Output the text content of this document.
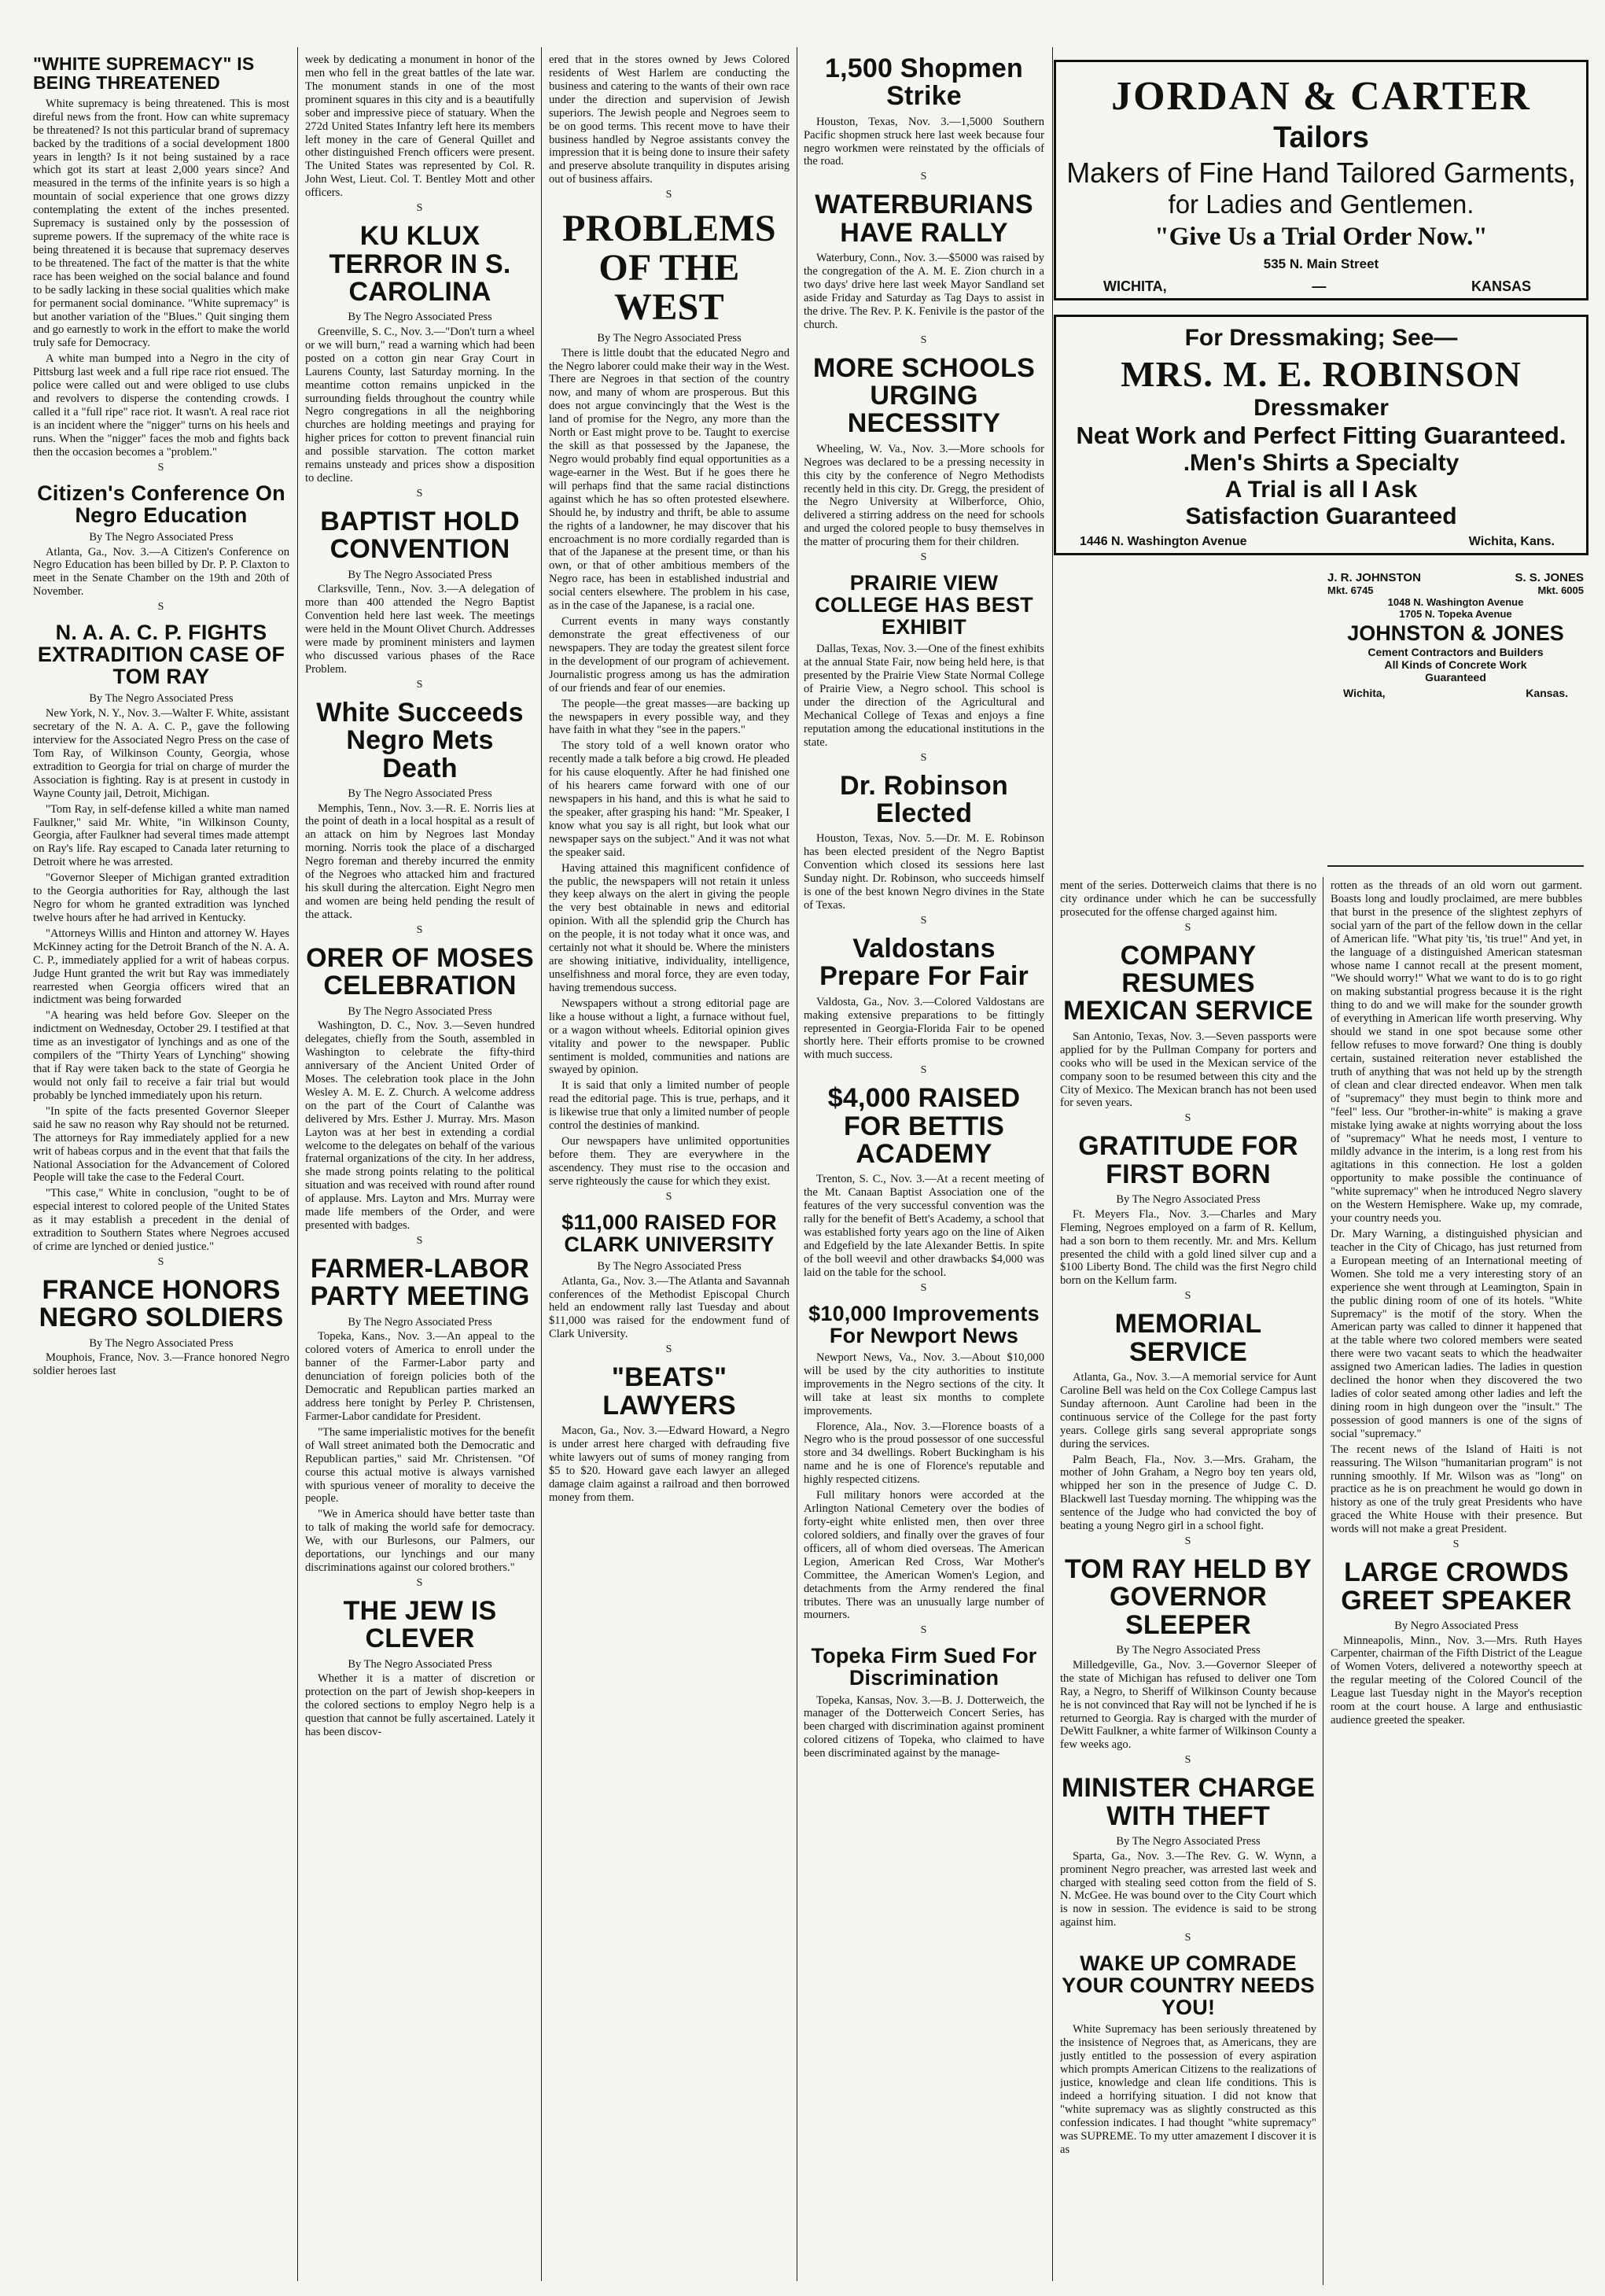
"WHITE SUPREMACY" IS BEING THREATENED

White supremacy is being threatened. This is most direful news from the front. How can white supremacy be threatened? Is not this particular brand of supremacy backed by the traditions of a social development 1800 years in length? Is it not being sustained by a race which got its start at least 2,000 years since? And measured in the terms of the infinite years is so high a mountain of social experience that one grows dizzy contemplating the extent of the inches presented. Supremacy is sustained only by the possession of supreme powers. If the supremacy of the white race is being threatened it is because that supremacy deserves to be threatened. The fact of the matter is that the white race has been weighed on the social balance and found to be sadly lacking in these social qualities which make for permanent social dominance. "White supremacy" is but another variation of the "Blues." Quit singing them and go earnestly to work in the effort to make the world truly safe for Democracy.

A white man bumped into a Negro in the city of Pittsburg last week and a full ripe race riot ensued. The police were called out and were obliged to use clubs and revolvers to disperse the contending crowds. I called it a "full ripe" race riot. It wasn't. A real race riot is an incident where the "nigger" turns on his heels and runs. When the "nigger" faces the mob and fights back then the occasion becomes a "problem."

S
Citizen's Conference On Negro Education
By The Negro Associated Press

Atlanta, Ga., Nov. 3.—A Citizen's Conference on Negro Education has been billed by Dr. P. P. Claxton to meet in the Senate Chamber on the 19th and 20th of November.

S
N. A. A. C. P. FIGHTS EXTRADITION CASE OF TOM RAY
By The Negro Associated Press

New York, N. Y., Nov. 3.—Walter F. White, assistant secretary of the N. A. A. C. P., gave the following interview for the Associated Negro Press on the case of Tom Ray, of Wilkinson County, Georgia, whose extradition to Georgia for trial on charge of murder the Association is fighting. Ray is at present in custody in Wayne County jail, Detroit, Michigan.

"Tom Ray, in self-defense killed a white man named Faulkner," said Mr. White, "in Wilkinson County, Georgia, after Faulkner had several times made attempt on Ray's life. Ray escaped to Canada later returning to Detroit where he was arrested.

"Governor Sleeper of Michigan granted extradition to the Georgia authorities for Ray, although the last Negro for whom he granted extradition was lynched twelve hours after he had arrived in Kentucky.

"Attorneys Willis and Hinton and attorney W. Hayes McKinney acting for the Detroit Branch of the N. A. A. C. P., immediately applied for a writ of habeas corpus. Judge Hunt granted the writ but Ray was immediately rearrested when Georgia officers wired that an indictment was being forwarded

"A hearing was held before Gov. Sleeper on the indictment on Wednesday, October 29. I testified at that time as an investigator of lynchings and as one of the compilers of the "Thirty Years of Lynching" showing that if Ray were taken back to the state of Georgia he would not only fail to receive a fair trial but would probably be lynched immediately upon his return.

"In spite of the facts presented Governor Sleeper said he saw no reason why Ray should not be returned. The attorneys for Ray immediately applied for a new writ of habeas corpus and in the event that that fails the National Association for the Advancement of Colored People will take the case to the Federal Court.

"This case," White in conclusion, "ought to be of especial interest to colored people of the United States as it may establish a precedent in the denial of extradition to Southern States where Negroes accused of crime are lynched or denied justice."

S
FRANCE HONORS NEGRO SOLDIERS
By The Negro Associated Press

Mouphois, France, Nov. 3.—France honored Negro soldier heroes last

week by dedicating a monument in honor of the men who fell in the great battles of the late war. The monument stands in one of the most prominent squares in this city and is a beautifully sober and impressive piece of statuary. When the 272d United States Infantry left here its members left money in the care of General Quillet and other distinguished French officers were present. The United States was represented by Col. R. John West, Lieut. Col. T. Bentley Mott and other officers.

S
KU KLUX TERROR IN S. CAROLINA
By The Negro Associated Press

Greenville, S. C., Nov. 3.—"Don't turn a wheel or we will burn," read a warning which had been posted on a cotton gin near Gray Court in Laurens County, last Saturday morning. In the meantime cotton remains unpicked in the surrounding fields throughout the country while Negro congregations in all the neighboring churches are holding meetings and praying for higher prices for cotton to prevent financial ruin and possible starvation. The cotton market remains unsteady and prices show a disposition to decline.

S
BAPTIST HOLD CONVENTION
By The Negro Associated Press

Clarksville, Tenn., Nov. 3.—A delegation of more than 400 attended the Negro Baptist Convention held here last week. The meetings were held in the Mount Olivet Church. Addresses were made by prominent ministers and laymen who discussed various phases of the Race Problem.

S
White Succeeds Negro Mets Death
By The Negro Associated Press

Memphis, Tenn., Nov. 3.—R. E. Norris lies at the point of death in a local hospital as a result of an attack on him by Negroes last Monday morning. Norris took the place of a discharged Negro foreman and thereby incurred the enmity of the Negroes who attacked him and fractured his skull during the altercation. Eight Negro men and women are being held pending the result of the attack.

S
ORER OF MOSES CELEBRATION
By The Negro Associated Press

Washington, D. C., Nov. 3.—Seven hundred delegates, chiefly from the South, assembled in Washington to celebrate the fifty-third anniversary of the Ancient United Order of Moses. The celebration took place in the John Wesley A. M. E. Z. Church. A welcome address on the part of the Court of Calanthe was delivered by Mrs. Esther J. Murray. Mrs. Mason Layton was at her best in extending a cordial welcome to the delegates on behalf of the various fraternal organizations of the city. In her address, she made strong points relating to the political situation and was received with round after round of applause. Mrs. Layton and Mrs. Murray were made life members of the Order, and were presented with badges.

S
FARMER-LABOR PARTY MEETING
By The Negro Associated Press

Topeka, Kans., Nov. 3.—An appeal to the colored voters of America to enroll under the banner of the Farmer-Labor party and denunciation of foreign policies both of the Democratic and Republican parties marked an address here tonight by Perley P. Christensen, Farmer-Labor candidate for President.

"The same imperialistic motives for the benefit of Wall street animated both the Democratic and Republican parties," said Mr. Christensen. "Of course this actual motive is always varnished with spurious veneer of morality to deceive the people.

"We in America should have better taste than to talk of making the world safe for democracy. We, with our Burlesons, our Palmers, our deportations, our lynchings and our many discriminations against our colored brothers."

S
THE JEW IS CLEVER
By The Negro Associated Press

Whether it is a matter of discretion or protection on the part of Jewish shop-keepers in the colored sections to employ Negro help is a question that cannot be fully ascertained. Lately it has been discov-

ered that in the stores owned by Jews Colored residents of West Harlem are conducting the business and catering to the wants of their own race under the direction and supervision of Jewish superiors. The Jewish people and Negroes seem to be on good terms. This recent move to have their business handled by Negroe assistants convey the impression that it is being done to insure their safety and preserve absolute tranquility in disputes arising out of business affairs.

S
PROBLEMS OF THE WEST
By The Negro Associated Press

There is little doubt that the educated Negro and the Negro laborer could make their way in the West. There are Negroes in that section of the country now, and many of whom are prosperous. But this does not argue convincingly that the West is the land of promise for the Negro, any more than the North or East might prove to be. Taught to exercise the skill as that possessed by the Japanese, the Negro would probably find equal opportunities as a wage-earner in the West. But if he goes there he will perhaps find that the same racial distinctions against which he has so often protested elsewhere. Should he, by industry and thrift, be able to assume the rights of a landowner, he may discover that his encroachment is no more cordially regarded than is that of the Japanese at the present time, or than his own, or that of other ambitious members of the Negro race, has been in established industrial and social centers elsewhere. The problem in his case, as in the case of the Japanese, is a racial one.

Current events in many ways constantly demonstrate the great effectiveness of our newspapers. They are today the greatest silent force in the development of our program of achievement. Journalistic progress among us has the admiration of our friends and fear of our enemies.

The people—the great masses—are backing up the newspapers in every possible way, and they have faith in what they "see in the papers."

The story told of a well known orator who recently made a talk before a big crowd. He pleaded for his cause eloquently. After he had finished one of his hearers came forward with one of our newspapers in his hand, and this is what he said to the speaker, after grasping his hand: "Mr. Speaker, I know what you say is all right, but look what our newspaper says on the subject." And it was not what the speaker said.

Having attained this magnificent confidence of the public, the newspapers will not retain it unless they keep always on the alert in giving the people the very best obtainable in news and editorial opinion. With all the splendid grip the Church has on the people, it is not today what it once was, and certainly not what it should be. Where the ministers are showing initiative, individuality, intelligence, unselfishness and moral force, they are even today, having tremendous success.

Newspapers without a strong editorial page are like a house without a light, a furnace without fuel, or a wagon without wheels. Editorial opinion gives vitality and power to the newspaper. Public sentiment is molded, communities and nations are swayed by opinion.

It is said that only a limited number of people read the editorial page. This is true, perhaps, and it is likewise true that only a limited number of people control the destinies of mankind.

Our newspapers have unlimited opportunities before them. They are everywhere in the ascendency. They must rise to the occasion and serve righteously the cause for which they exist.

S
$11,000 RAISED FOR CLARK UNIVERSITY
By The Negro Associated Press

Atlanta, Ga., Nov. 3.—The Atlanta and Savannah conferences of the Methodist Episcopal Church held an endowment rally last Tuesday and about $11,000 was raised for the endowment fund of Clark University.

S
"BEATS" LAWYERS

Macon, Ga., Nov. 3.—Edward Howard, a Negro is under arrest here charged with defrauding five white lawyers out of sums of money ranging from $5 to $20. Howard gave each lawyer an alleged damage claim against a railroad and then borrowed money from them.

1,500 Shopmen Strike

Houston, Texas, Nov. 3.—1,5000 Southern Pacific shopmen struck here last week because four negro workmen were reinstated by the officials of the road.

S
WATERBURIANS HAVE RALLY

Waterbury, Conn., Nov. 3.—$5000 was raised by the congregation of the A. M. E. Zion church in a two days' drive here last week Mayor Sandland set aside Friday and Saturday as Tag Days to assist in the drive. The Rev. P. K. Fenivile is the pastor of the church.

S
MORE SCHOOLS URGING NECESSITY

Wheeling, W. Va., Nov. 3.—More schools for Negroes was declared to be a pressing necessity in this city by the conference of Negro Methodists recently held in this city. Dr. Gregg, the president of the Negro University at Wilberforce, Ohio, delivered a stirring address on the need for schools and urged the colored people to busy themselves in the matter of procuring them for their children.

S
PRAIRIE VIEW COLLEGE HAS BEST EXHIBIT

Dallas, Texas, Nov. 3.—One of the finest exhibits at the annual State Fair, now being held here, is that presented by the Prairie View State Normal College of Prairie View, a Negro school. This school is under the direction of the Agricultural and Mechanical College of Texas and enjoys a fine reputation among the educational institutions in the state.

S
Dr. Robinson Elected

Houston, Texas, Nov. 5.—Dr. M. E. Robinson has been elected president of the Negro Baptist Convention which closed its sessions here last Sunday night. Dr. Robinson, who succeeds himself is one of the best known Negro divines in the State of Texas.

S
Valdostans Prepare For Fair

Valdosta, Ga., Nov. 3.—Colored Valdostans are making extensive preparations to be fittingly represented in Georgia-Florida Fair to be opened shortly here. Their efforts promise to be crowned with much success.

S
$4,000 RAISED FOR BETTIS ACADEMY

Trenton, S. C., Nov. 3.—At a recent meeting of the Mt. Canaan Baptist Association one of the features of the very successful convention was the rally for the benefit of Bett's Academy, a school that was established forty years ago on the line of Aiken and Edgefield by the late Alexander Bettis. In spite of the boll weevil and other drawbacks $4,000 was laid on the table for the school.

S
$10,000 Improvements For Newport News

Newport News, Va., Nov. 3.—About $10,000 will be used by the city authorities to institute improvements in the Negro sections of the city. It will take at least six months to complete improvements.

Florence, Ala., Nov. 3.—Florence boasts of a Negro who is the proud possessor of one successful store and 34 dwellings. Robert Buckingham is his name and he is one of Florence's reputable and highly respected citizens.

Full military honors were accorded at the Arlington National Cemetery over the bodies of forty-eight white enlisted men, then over three colored soldiers, and finally over the graves of four officers, all of whom died overseas. The American Legion, American Red Cross, War Mother's Committee, the American Women's Legion, and detachments from the Army rendered the final tributes. There was an unusually large number of mourners.

S
Topeka Firm Sued For Discrimination

Topeka, Kansas, Nov. 3.—B. J. Dotterweich, the manager of the Dotterweich Concert Series, has been charged with discrimination against prominent colored citizens of Topeka, who claimed to have been discriminated against by the manage-

ment of the series. Dotterweich claims that there is no city ordinance under which he can be successfully prosecuted for the offense charged against him.

S
COMPANY RESUMES MEXICAN SERVICE

San Antonio, Texas, Nov. 3.—Seven passports were applied for by the Pullman Company for porters and cooks who will be used in the Mexican service of the company soon to be resumed between this city and the City of Mexico. The Mexican branch has not been used for seven years.

S
GRATITUDE FOR FIRST BORN
By The Negro Associated Press

Ft. Meyers Fla., Nov. 3.—Charles and Mary Fleming, Negroes employed on a farm of R. Kellum, had a son born to them recently. Mr. and Mrs. Kellum presented the child with a gold lined silver cup and a $100 Liberty Bond. The child was the first Negro child born on the Kellum farm.

S
MEMORIAL SERVICE

Atlanta, Ga., Nov. 3.—A memorial service for Aunt Caroline Bell was held on the Cox College Campus last Sunday afternoon. Aunt Caroline had been in the continuous service of the College for the past forty years. College girls sang several appropriate songs during the services.

Palm Beach, Fla., Nov. 3.—Mrs. Graham, the mother of John Graham, a Negro boy ten years old, whipped her son in the presence of Judge C. D. Blackwell last Tuesday morning. The whipping was the sentence of the Judge who had convicted the boy of beating a young Negro girl in a school fight.

S
TOM RAY HELD BY GOVERNOR SLEEPER
By The Negro Associated Press

Milledgeville, Ga., Nov. 3.—Governor Sleeper of the state of Michigan has refused to deliver one Tom Ray, a Negro, to Sheriff of Wilkinson County because he is not convinced that Ray will not be lynched if he is returned to Georgia. Ray is charged with the murder of DeWitt Faulkner, a white farmer of Wilkinson County a few weeks ago.

S
MINISTER CHARGE WITH THEFT
By The Negro Associated Press

Sparta, Ga., Nov. 3.—The Rev. G. W. Wynn, a prominent Negro preacher, was arrested last week and charged with stealing seed cotton from the field of S. N. McGee. He was bound over to the City Court which is now in session. The evidence is said to be strong against him.

S
WAKE UP COMRADE YOUR COUNTRY NEEDS YOU!

White Supremacy has been seriously threatened by the insistence of Negroes that, as Americans, they are justly entitled to the possession of every aspiration which prompts American Citizens to the realizations of justice, knowledge and clean life conditions. This is indeed a horrifying situation. I did not know that "white supremacy was as slightly constructed as this confession indicates. I had thought "white supremacy" was SUPREME. To my utter amazement I discover it is as

rotten as the threads of an old worn out garment. Boasts long and loudly proclaimed, are mere bubbles that burst in the presence of the slightest zephyrs of social yarn of the part of the fellow down in the cellar of American life. "What pity 'tis, 'tis true!" And yet, in the language of a distinguished American statesman whose name I cannot recall at the present moment, "We should worry!" What we want to do is to go right on making substantial progress because it is the right thing to do and we will make for the sounder growth of everything in American life worth preserving. Why should we stand in one spot because some other fellow refuses to move forward? One thing is doubly certain, sustained reiteration never established the truth of anything that was not held up by the strength of clean and clear directed endeavor. When men talk of "supremacy" they must begin to think more and "feel" less. Our "brother-in-white" is making a grave mistake lying awake at nights worrying about the loss of "supremacy" What he needs most, I venture to mildly advance in the interim, is a long rest from his agitations in this connection. He lost a golden opportunity to make possible the continuance of "white supremacy" when he introduced Negro slavery on the Western Hemisphere. Wake up, my comrade, your country needs you.

Dr. Mary Warning, a distinguished physician and teacher in the City of Chicago, has just returned from a European meeting of an International meeting of Women. She told me a very interesting story of an experience she went through at Leamington, Spain in the public dining room of one of its hotels. "White Supremacy" is the motif of the story. When the American party was called to dinner it happened that at the table where two colored members were seated there were two vacant seats to which the headwaiter assigned two American ladies. The ladies in question declined the honor when they discovered the two ladies of color seated among other ladies and left the dining room in high dungeon over the "insult." The possession of good manners is one of the signs of social "supremacy."

The recent news of the Island of Haiti is not reassuring. The Wilson "humanitarian program" is not running smoothly. If Mr. Wilson was as "long" on practice as he is on preachment he would go down in history as one of the truly great Presidents who have graced the White House with their presence. But words will not make a great President.

S
LARGE CROWDS GREET SPEAKER
By Negro Associated Press

Minneapolis, Minn., Nov. 3.—Mrs. Ruth Hayes Carpenter, chairman of the Fifth District of the League of Women Voters, delivered a noteworthy speech at the regular meeting of the Colored Council of the League last Tuesday night in the Mayor's reception room at the court house. A large and enthusiastic audience greeted the speaker.

JORDAN & CARTER
Tailors
Makers of Fine Hand Tailored Garments,
for Ladies and Gentlemen.
"Give Us a Trial Order Now."
535 N. Main Street
WICHITA,	—	KANSAS
For Dressmaking; See—
MRS. M. E. ROBINSON
Dressmaker
Neat Work and Perfect Fitting Guaranteed.
.Men's Shirts a Specialty
A Trial is all I Ask
Satisfaction Guaranteed
1446 N. Washington Avenue	Wichita, Kans.
J. R. JOHNSTON	S. S. JONES
Mkt. 6745	Mkt. 6005
1048 N. Washington Avenue
1705 N. Topeka Avenue
JOHNSTON & JONES
Cement Contractors and Builders
All Kinds of Concrete Work
Guaranteed
Wichita,	Kansas.
